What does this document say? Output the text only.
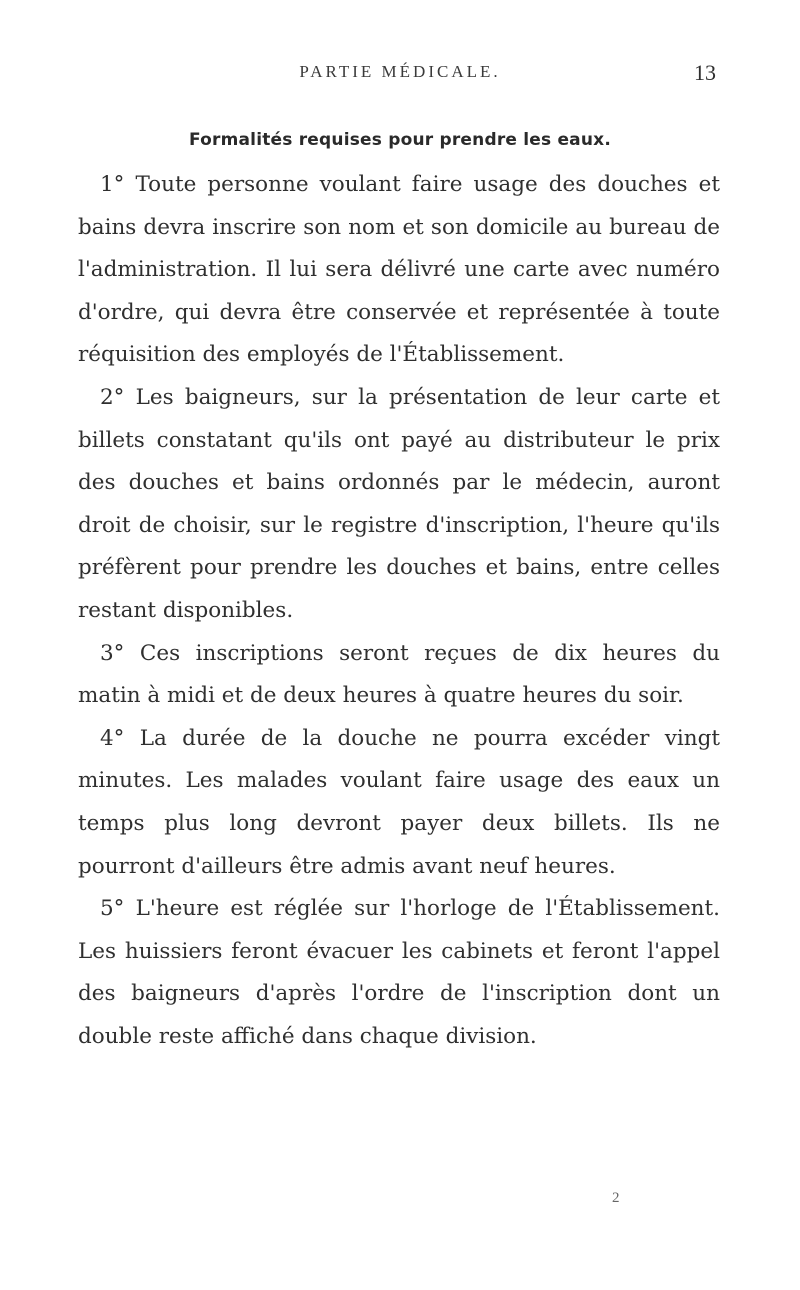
PARTIE MÉDICALE.	13
Formalités requises pour prendre les eaux.

1° Toute personne voulant faire usage des douches et bains devra inscrire son nom et son domicile au bureau de l'administration. Il lui sera délivré une carte avec numéro d'ordre, qui devra être conservée et représentée à toute réquisition des employés de l'Établissement.

2° Les baigneurs, sur la présentation de leur carte et billets constatant qu'ils ont payé au distributeur le prix des douches et bains ordonnés par le médecin, auront droit de choisir, sur le registre d'inscription, l'heure qu'ils préfèrent pour prendre les douches et bains, entre celles restant disponibles.

3° Ces inscriptions seront reçues de dix heures du matin à midi et de deux heures à quatre heures du soir.

4° La durée de la douche ne pourra excéder vingt minutes. Les malades voulant faire usage des eaux un temps plus long devront payer deux billets. Ils ne pourront d'ailleurs être admis avant neuf heures.

5° L'heure est réglée sur l'horloge de l'Établissement. Les huissiers feront évacuer les cabinets et feront l'appel des baigneurs d'après l'ordre de l'inscription dont un double reste affiché dans chaque division.

2
